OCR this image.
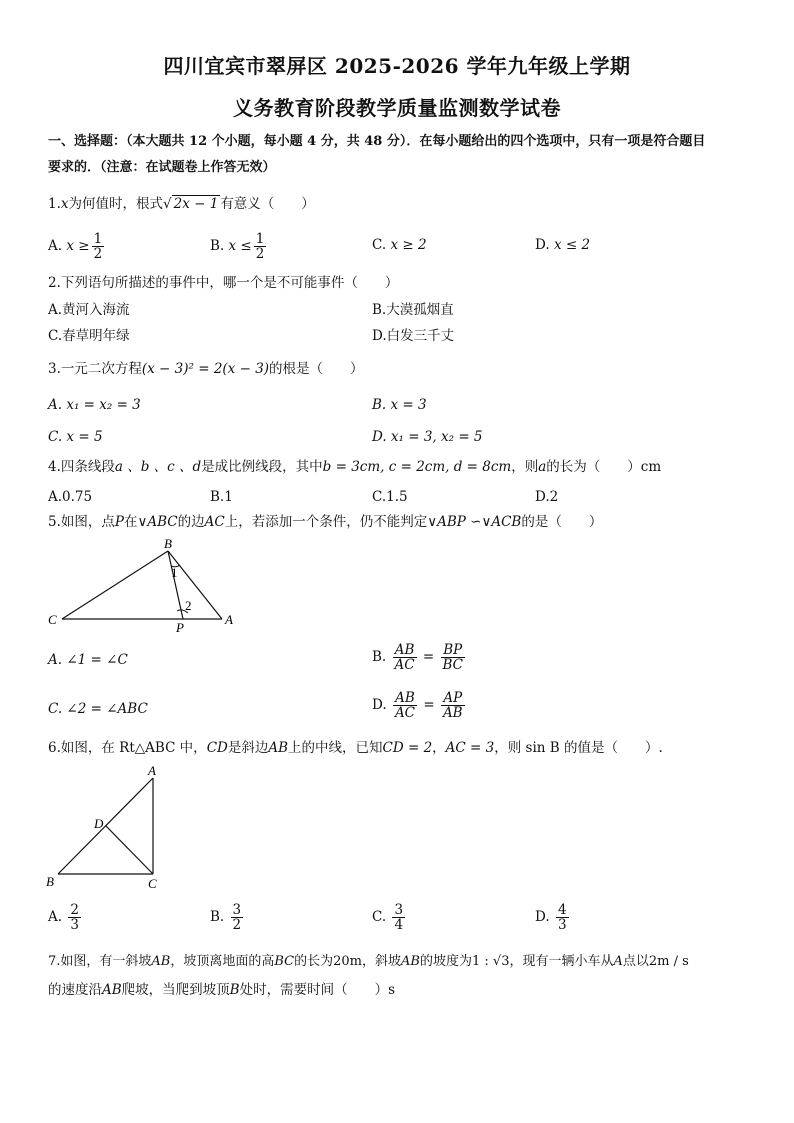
四川宜宾市翠屏区 2025-2026 学年九年级上学期
义务教育阶段教学质量监测数学试卷
一、选择题：（本大题共 12 个小题，每小题 4 分，共 48 分）．在每小题给出的四个选项中，只有一项是符合题目
要求的．（注意：在试题卷上作答无效）
1.x为何值时，根式√ 2x − 1 有意义（　　）
A. $x \ge \frac{1}{2}$	B. $x \le \frac{1}{2}$	C. x ≥ 2	D. x ≤ 2
2.下列语句所描述的事件中，哪一个是不可能事件（　　）
A.黄河入海流	B.大漠孤烟直
C.春草明年绿	D.白发三千丈
3.一元二次方程(x − 3)² = 2(x − 3)的根是（　　）
A. x₁ = x₂ = 3	B. x = 3
C. x = 5	D. x₁ = 3, x₂ = 5
4.四条线段a 、b 、c 、d是成比例线段，其中b = 3cm, c = 2cm, d = 8cm，则a的长为（　　）cm
A.0.75	B.1	C.1.5	D.2
5.如图，点P在∨ABC的边AC上，若添加一个条件，仍不能判定∨ABP ∽∨ACB的是（　　）
B
C
P
A
1
2
A. ∠1 = ∠C	B. $\frac{AB}{AC} = \frac{BP}{BC}$
C. ∠2 = ∠ABC	D. $\frac{AB}{AC} = \frac{AP}{AB}$
6.如图，在 Rt△ABC 中，CD是斜边AB上的中线，已知CD = 2，AC = 3，则 sin B 的值是（　　）.
A
D
B	C
A. $\frac{2}{3}$	B. $\frac{3}{2}$	C. $\frac{3}{4}$	D. $\frac{4}{3}$
7.如图，有一斜坡AB，坡顶离地面的高BC的长为20m，斜坡AB的坡度为1 : √3，现有一辆小车从A点以2m / s
的速度沿AB爬坡，当爬到坡顶B处时，需要时间（　　）s
